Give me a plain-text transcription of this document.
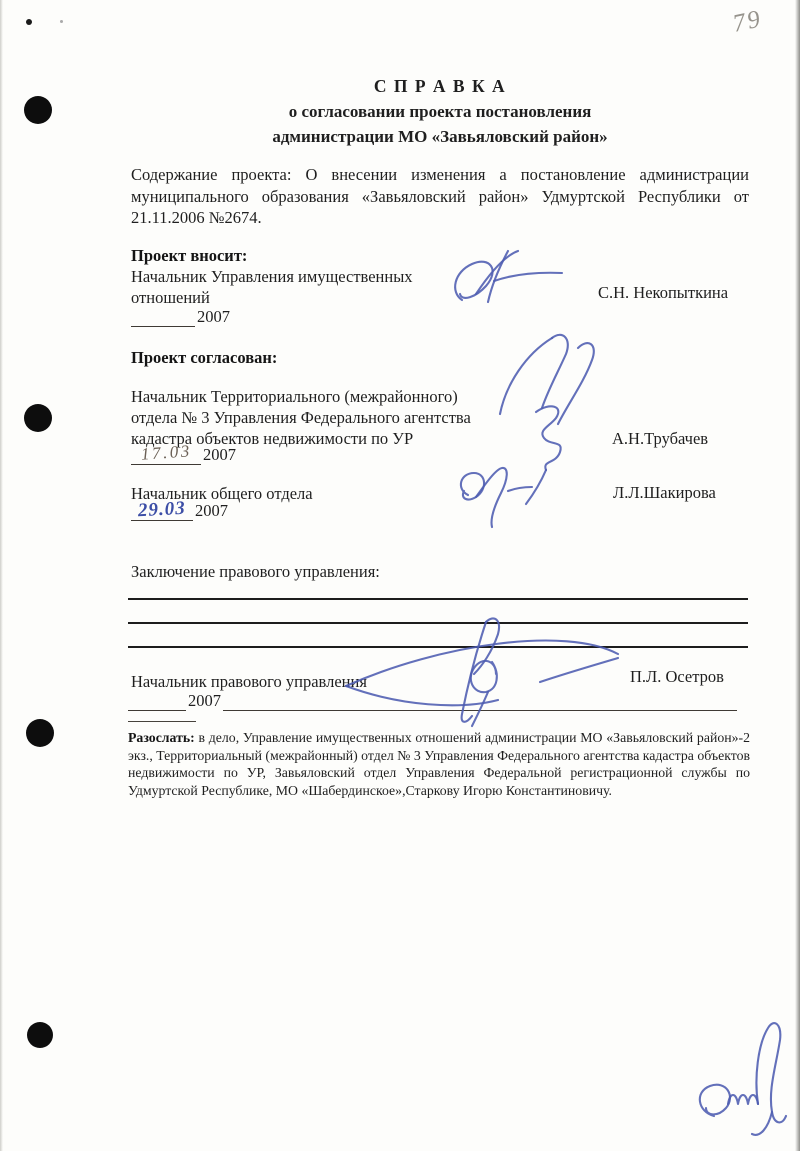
79
С П Р А В К А
о согласовании проекта постановления
администрации МО «Завьяловский район»

Содержание проекта: О внесении изменения а постановление администрации муниципального образования «Завьяловский район» Удмуртской Республики от 21.11.2006 №2674.

Проект вносит:
Начальник Управления имущественных
отношений

2007
С.Н. Некопыткина
Проект согласован:
Начальник Территориального (межрайонного)
отдела № 3 Управления Федерального агентства
кадастра объектов недвижимости по УР
17.03 2007
А.Н.Трубачев
Начальник общего отдела
29.03 2007
Л.Л.Шакирова
Заключение правового управления:
Начальник правового управления

2007

П.Л. Осетров

Разослать: в дело, Управление имущественных отношений администрации МО «Завьяловский район»-2 экз., Территориальный (межрайонный) отдел № 3 Управления Федерального агентства кадастра объектов недвижимости по УР, Завьяловский отдел Управления Федеральной регистрационной службы по Удмуртской Республике, МО «Шабердинское»,Старкову Игорю Константиновичу.
